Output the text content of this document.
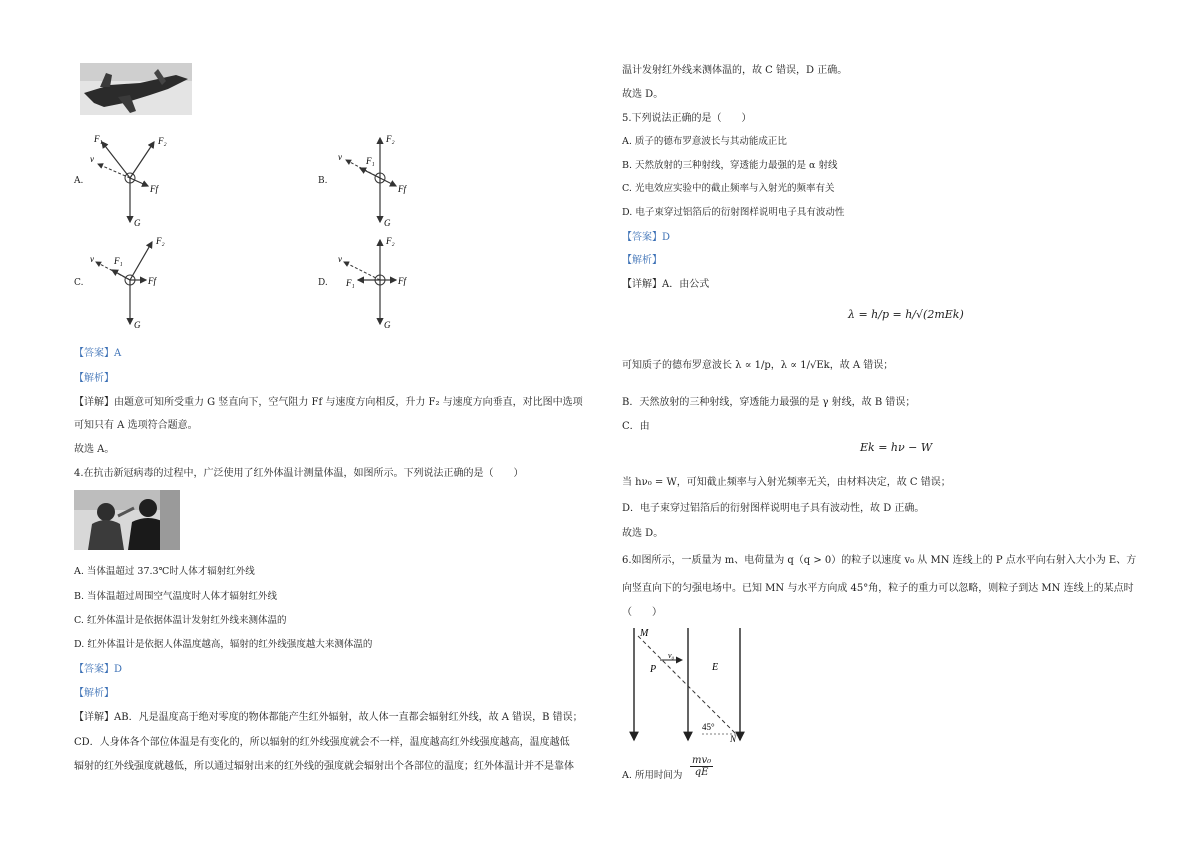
A.
F₁	F₂
Ff
v
G
B.
F₂
F₁
Ff
v
G
C.
F₂
F₁
Ff
v
G
D.
F₂
F₁	Ff
v
G
【答案】A
【解析】
【详解】由题意可知所受重力 G 竖直向下，空气阻力 Ff 与速度方向相反，升力 F₂ 与速度方向垂直，对比图中选项
可知只有 A 选项符合题意。
故选 A。
4.在抗击新冠病毒的过程中，广泛使用了红外体温计测量体温，如图所示。下列说法正确的是（　　）
A. 当体温超过 37.3℃时人体才辐射红外线
B. 当体温超过周围空气温度时人体才辐射红外线
C. 红外体温计是依据体温计发射红外线来测体温的
D. 红外体温计是依据人体温度越高，辐射的红外线强度越大来测体温的
【答案】D
【解析】
【详解】AB．凡是温度高于绝对零度的物体都能产生红外辐射，故人体一直都会辐射红外线，故 A 错误，B 错误；
CD．人身体各个部位体温是有变化的，所以辐射的红外线强度就会不一样，温度越高红外线强度越高，温度越低
辐射的红外线强度就越低，所以通过辐射出来的红外线的强度就会辐射出个各部位的温度；红外体温计并不是靠体
温计发射红外线来测体温的，故 C 错误，D 正确。
故选 D。
5.下列说法正确的是（　　）
A. 质子的德布罗意波长与其动能成正比
B. 天然放射的三种射线，穿透能力最强的是 α 射线
C. 光电效应实验中的截止频率与入射光的频率有关
D. 电子束穿过铝箔后的衍射图样说明电子具有波动性
【答案】D
【解析】
【详解】A．由公式
λ = h/p = h/√(2mEk)
可知质子的德布罗意波长 λ ∝ 1/p，λ ∝ 1/√Ek，故 A 错误；
B．天然放射的三种射线，穿透能力最强的是 γ 射线，故 B 错误；
C．由
Ek = hν − W
当 hν₀ = W，可知截止频率与入射光频率无关，由材料决定，故 C 错误；
D．电子束穿过铝箔后的衍射图样说明电子具有波动性，故 D 正确。
故选 D。
6.如图所示，一质量为 m、电荷量为 q（q > 0）的粒子以速度 v₀ 从 MN 连线上的 P 点水平向右射入大小为 E、方
向竖直向下的匀强电场中。已知 MN 与水平方向成 45°角，粒子的重力可以忽略，则粒子到达 MN 连线上的某点时
（　　）
M
P
v₀
E
45°
N
A. 所用时间为 $\frac{\text{mv₀}}{qE}$
